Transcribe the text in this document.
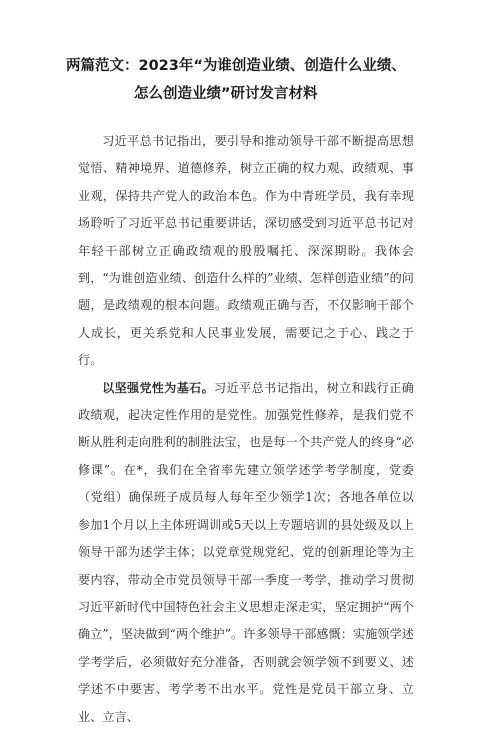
两篇范文：2023年“为谁创造业绩、创造什么业绩、
怎么创造业绩”研讨发言材料

习近平总书记指出，要引导和推动领导干部不断提高思想觉悟、精神境界、道德修养，树立正确的权力观、政绩观、事业观，保持共产党人的政治本色。作为中青班学员，我有幸现场聆听了习近平总书记重要讲话，深切感受到习近平总书记对年轻干部树立正确政绩观的殷殷嘱托、深深期盼。我体会到，“为谁创造业绩、创造什么样的”业绩、怎样创造业绩”的问题，是政绩观的根本问题。政绩观正确与否，不仅影响干部个人成长，更关系党和人民事业发展，需要记之于心、践之于行。

以坚强党性为基石。习近平总书记指出，树立和践行正确政绩观，起决定性作用的是党性。加强党性修养，是我们党不断从胜利走向胜利的制胜法宝，也是每一个共产党人的终身“必修课”。在*，我们在全省率先建立领学述学考学制度，党委（党组）确保班子成员每人每年至少领学1次；各地各单位以参加1个月以上主体班调训或5天以上专题培训的县处级及以上领导干部为述学主体；以党章党规党纪、党的创新理论等为主要内容，带动全市党员领导干部一季度一考学，推动学习贯彻习近平新时代中国特色社会主义思想走深走实，坚定拥护“两个确立”，坚决做到“两个维护”。许多领导干部感慨：实施领学述学考学后，必须做好充分准备，否则就会领学领不到要义、述学述不中要害、考学考不出水平。党性是党员干部立身、立业、立言、
